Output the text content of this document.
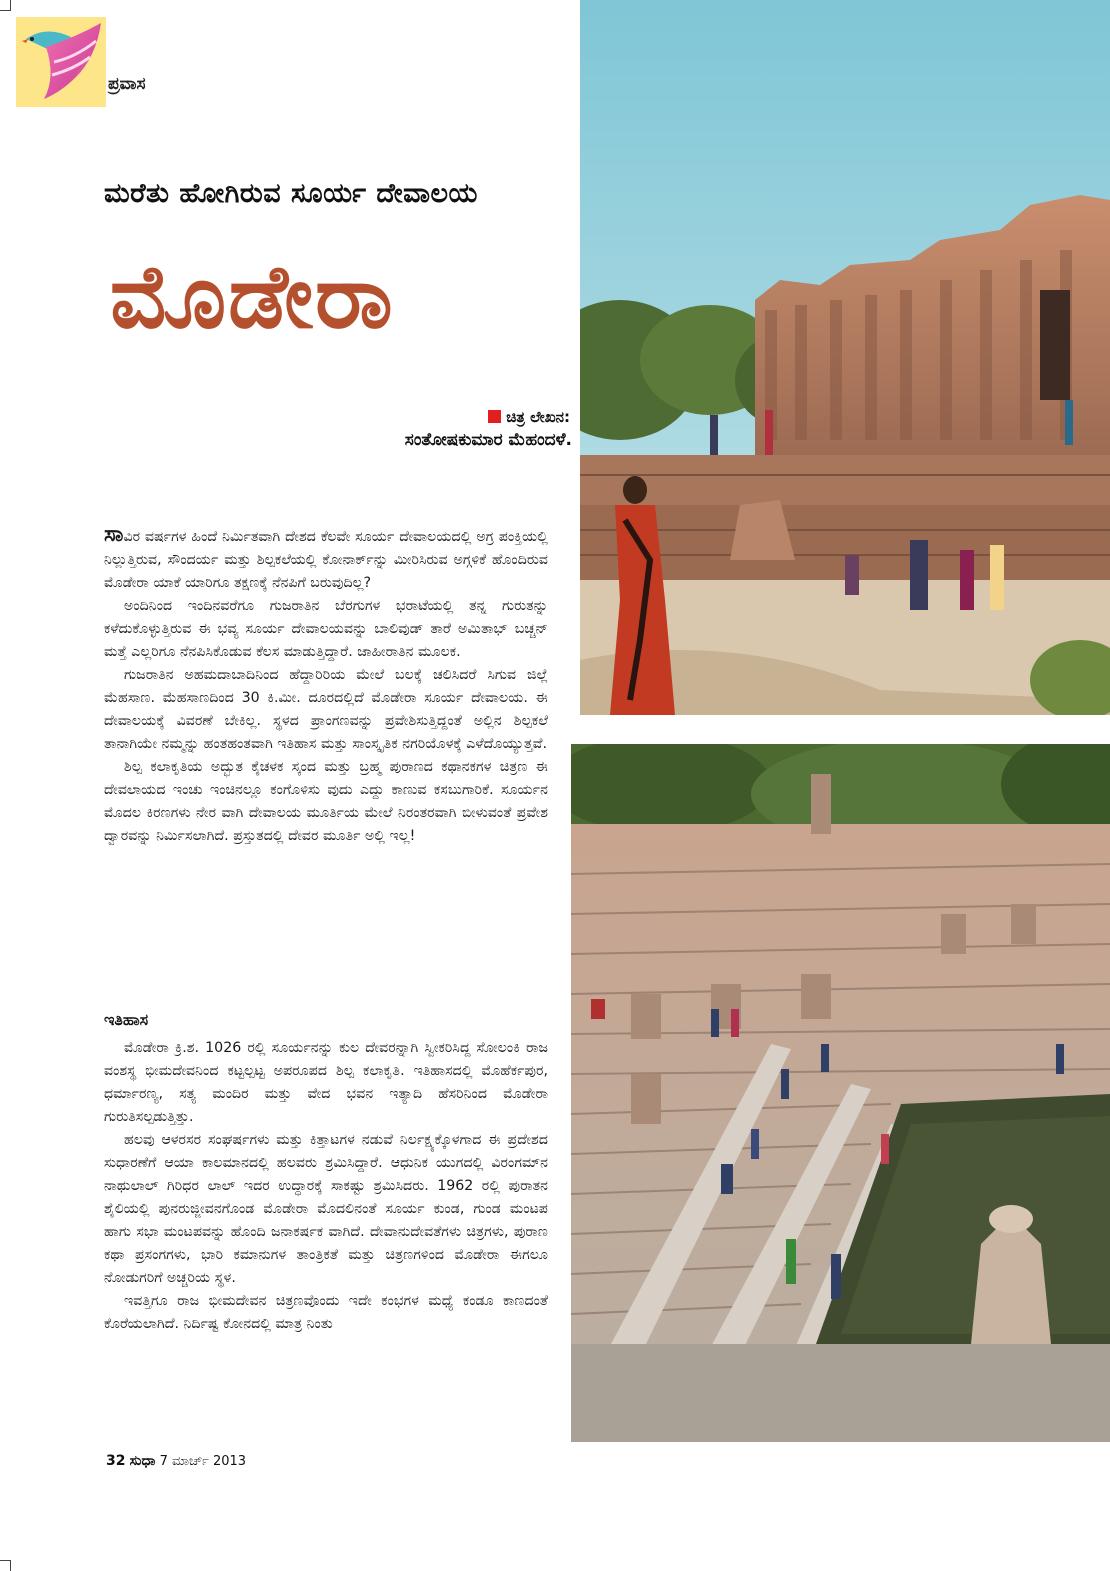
ಪ್ರವಾಸ
ಮರೆತು ಹೋಗಿರುವ ಸೂರ್ಯ ದೇವಾಲಯ
ಮೊಡೇರಾ
ಚಿತ್ರ ಲೇಖನ:
ಸಂತೋಷಕುಮಾರ ಮೆಹಂದಳೆ.

ಸಾವಿರ ವರ್ಷಗಳ ಹಿಂದೆ ನಿರ್ಮಿತವಾಗಿ ದೇಶದ ಕೆಲವೇ ಸೂರ್ಯ ದೇವಾಲಯದಲ್ಲಿ ಅಗ್ರ ಪಂಕ್ತಿಯಲ್ಲಿ ನಿಲ್ಲುತ್ತಿರುವ, ಸೌಂದರ್ಯ ಮತ್ತು ಶಿಲ್ಪಕಲೆಯಲ್ಲಿ ಕೋನಾರ್ಕ್‌ನ್ನು ಮೀರಿಸಿರುವ ಅಗ್ಗಳಿಕೆ ಹೊಂದಿರುವ ಮೊಡೇರಾ ಯಾಕೆ ಯಾರಿಗೂ ತಕ್ಷಣಕ್ಕೆ ನೆನಪಿಗೆ ಬರುವುದಿಲ್ಲ?

ಅಂದಿನಿಂದ ಇಂದಿನವರೆಗೂ ಗುಜರಾತಿನ ಬೆರಗುಗಳ ಭರಾಟೆಯಲ್ಲಿ ತನ್ನ ಗುರುತನ್ನು ಕಳೆದುಕೊಳ್ಳುತ್ತಿರುವ ಈ ಭವ್ಯ ಸೂರ್ಯ ದೇವಾಲಯವನ್ನು ಬಾಲಿವುಡ್ ತಾರೆ ಅಮಿತಾಭ್ ಬಚ್ಚನ್ ಮತ್ತೆ ಎಲ್ಲರಿಗೂ ನೆನಪಿಸಿಕೊಡುವ ಕೆಲಸ ಮಾಡುತ್ತಿದ್ದಾರೆ. ಜಾಹೀರಾತಿನ ಮೂಲಕ.

ಗುಜರಾತಿನ ಅಹಮದಾಬಾದಿನಿಂದ ಹೆದ್ದಾರಿರಿಯ ಮೇಲೆ ಬಲಕ್ಕೆ ಚಲಿಸಿದರೆ ಸಿಗುವ ಜಿಲ್ಲೆ ಮೆಹಸಾಣ. ಮೆಹಸಾಣದಿಂದ 30 ಕಿ.ಮೀ. ದೂರದಲ್ಲಿದೆ ಮೊಡೇರಾ ಸೂರ್ಯ ದೇವಾಲಯ. ಈ ದೇವಾಲಯಕ್ಕೆ ವಿವರಣೆ ಬೇಕಿಲ್ಲ. ಸ್ಥಳದ ಪ್ರಾಂಗಣವನ್ನು ಪ್ರವೇಶಿಸುತ್ತಿದ್ದಂತೆ ಅಲ್ಲಿನ ಶಿಲ್ಪಕಲೆ ತಾನಾಗಿಯೇ ನಮ್ಮನ್ನು ಹಂತಹಂತವಾಗಿ ಇತಿಹಾಸ ಮತ್ತು ಸಾಂಸ್ಕೃತಿಕ ನಗರಿಯೊಳಕ್ಕೆ ಎಳೆದೊಯ್ಯುತ್ತವೆ.

ಶಿಲ್ಪ ಕಲಾಕೃತಿಯ ಅದ್ಭುತ ಕೈಚಳಕ ಸ್ಕಂದ ಮತ್ತು ಬ್ರಹ್ಮ ಪುರಾಣದ ಕಥಾನಕಗಳ ಚಿತ್ರಣ ಈ ದೇವಲಾಯದ ಇಂಚು ಇಂಚಿನಲ್ಲೂ ಕಂಗೊಳಿಸು ವುದು ಎದ್ದು ಕಾಣುವ ಕಸಬುಗಾರಿಕೆ. ಸೂರ್ಯನ ಮೊದಲ ಕಿರಣಗಳು ನೇರ ವಾಗಿ ದೇವಾಲಯ ಮೂರ್ತಿಯ ಮೇಲೆ ನಿರಂತರವಾಗಿ ಬೀಳುವಂತೆ ಪ್ರವೇಶ ದ್ವಾರವನ್ನು ನಿರ್ಮಿಸಲಾಗಿದೆ. ಪ್ರಸ್ತುತದಲ್ಲಿ ದೇವರ ಮೂರ್ತಿ ಅಲ್ಲಿ ಇಲ್ಲ!

ಇತಿಹಾಸ

ಮೊಡೇರಾ ಕ್ರಿ.ಶ. 1026 ರಲ್ಲಿ ಸೂರ್ಯನನ್ನು ಕುಲ ದೇವರನ್ನಾಗಿ ಸ್ವೀಕರಿಸಿದ್ದ ಸೋಲಂಕಿ ರಾಜ ವಂಶಸ್ಥ ಭೀಮದೇವನಿಂದ ಕಟ್ಟಲ್ಪಟ್ಟ ಅಪರೂಪದ ಶಿಲ್ಪ ಕಲಾಕೃತಿ. ಇತಿಹಾಸದಲ್ಲಿ ಮೊಹೆರ್ಕಪುರ, ಧರ್ಮಾರಣ್ಯ, ಸತ್ಯ ಮಂದಿರ ಮತ್ತು ವೇದ ಭವನ ಇತ್ಯಾದಿ ಹೆಸರಿನಿಂದ ಮೊಡೇರಾ ಗುರುತಿಸಲ್ಪಡುತ್ತಿತ್ತು.

ಹಲವು ಆಳರಸರ ಸಂಘರ್ಷಗಳು ಮತ್ತು ಕಿತ್ತಾಟಗಳ ನಡುವೆ ನಿರ್ಲಕ್ಷ್ಯಕ್ಕೊಳಗಾದ ಈ ಪ್ರದೇಶದ ಸುಧಾರಣೆಗೆ ಆಯಾ ಕಾಲಮಾನದಲ್ಲಿ ಹಲವರು ಶ್ರಮಿಸಿದ್ದಾರೆ. ಆಧುನಿಕ ಯುಗದಲ್ಲಿ ವಿರಂಗಮ್‌ನ ನಾಥುಲಾಲ್ ಗಿರಿಧರ ಲಾಲ್ ಇದರ ಉದ್ಧಾರಕ್ಕೆ ಸಾಕಷ್ಟು ಶ್ರಮಿಸಿದರು. 1962 ರಲ್ಲಿ ಪುರಾತನ ಶೈಲಿಯಲ್ಲಿ ಪುನರುಜ್ಜೀವನಗೊಂಡ ಮೊಡೇರಾ ಮೊದಲಿನಂತೆ ಸೂರ್ಯ ಕುಂಡ, ಗುಂಡ ಮಂಟಪ ಹಾಗು ಸಭಾ ಮಂಟಪವನ್ನು ಹೊಂದಿ ಜನಾಕರ್ಷಕ ವಾಗಿದೆ. ದೇವಾನುದೇವತೆಗಳು ಚಿತ್ರಗಳು, ಪುರಾಣ ಕಥಾ ಪ್ರಸಂಗಗಳು, ಭಾರಿ ಕಮಾನುಗಳ ತಾಂತ್ರಿಕತೆ ಮತ್ತು ಚಿತ್ರಣಗಳಿಂದ ಮೊಡೇರಾ ಈಗಲೂ ನೋಡುಗರಿಗೆ ಅಚ್ಚರಿಯ ಸ್ಥಳ.

ಇವತ್ತಿಗೂ ರಾಜ ಭೀಮದೇವನ ಚಿತ್ರಣವೊಂದು ಇದೇ ಕಂಭಗಳ ಮಧ್ಯೆ ಕಂಡೂ ಕಾಣದಂತೆ ಕೊರೆಯಲಾಗಿದೆ. ನಿರ್ದಿಷ್ಟ ಕೋನದಲ್ಲಿ ಮಾತ್ರ ನಿಂತು

32 ಸುಧಾ 7 ಮಾರ್ಚ್ 2013
